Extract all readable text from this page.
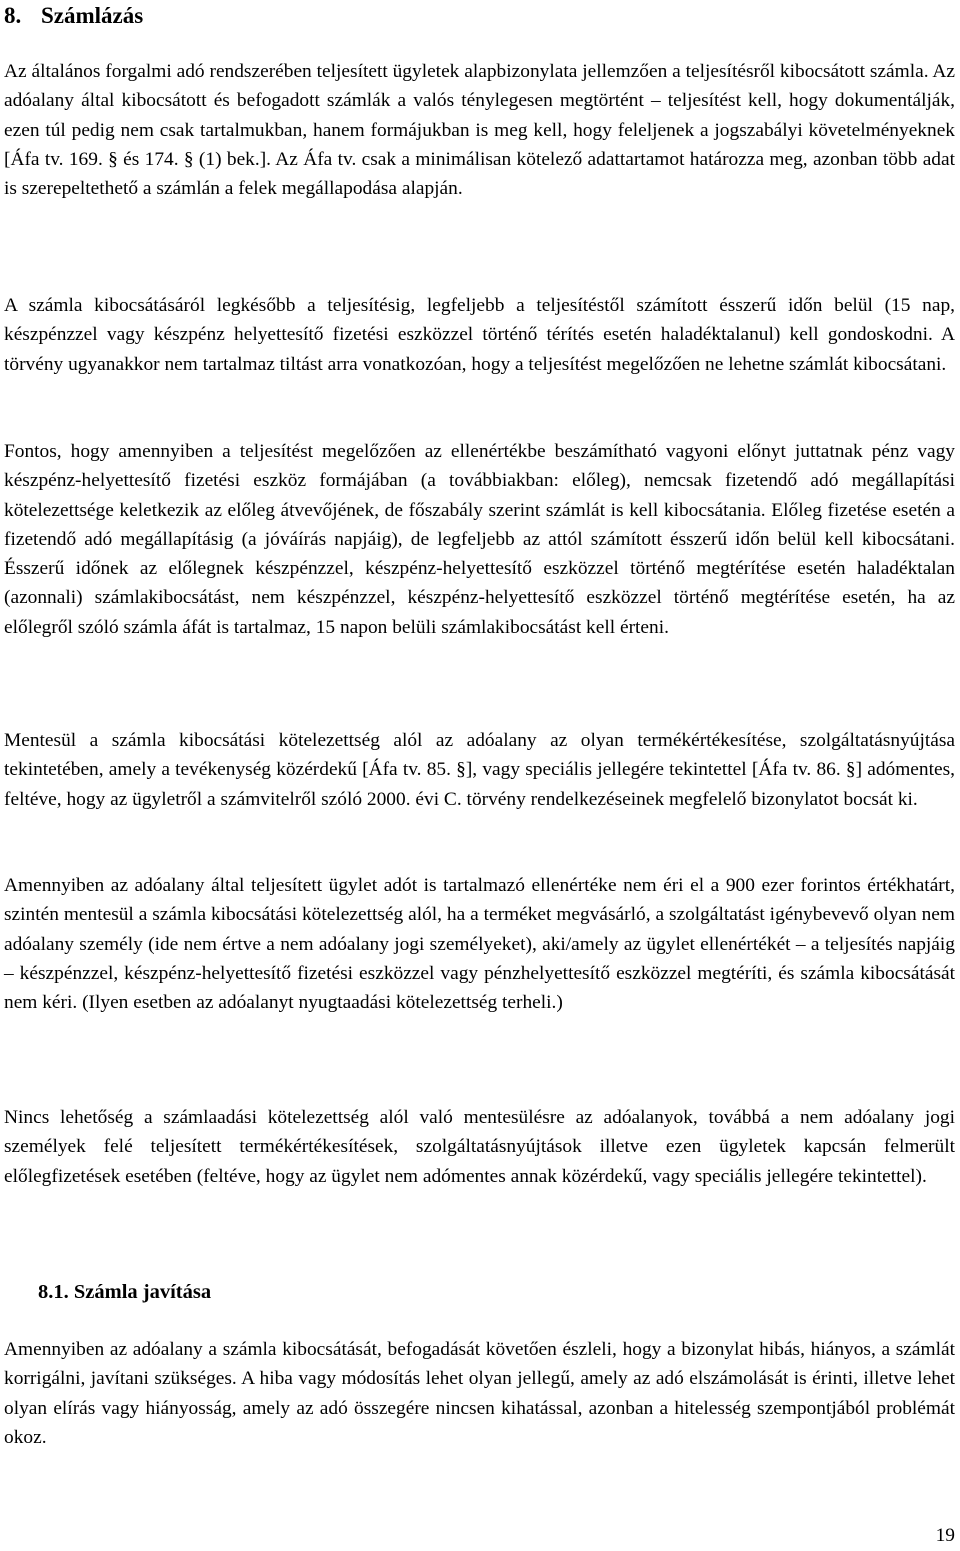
8. Számlázás

Az általános forgalmi adó rendszerében teljesített ügyletek alapbizonylata jellemzően a teljesítésről kibocsátott számla. Az adóalany által kibocsátott és befogadott számlák a valós ténylegesen megtörtént – teljesítést kell, hogy dokumentálják, ezen túl pedig nem csak tartalmukban, hanem formájukban is meg kell, hogy feleljenek a jogszabályi követelményeknek [Áfa tv. 169. § és 174. § (1) bek.]. Az Áfa tv. csak a minimálisan kötelező adattartamot határozza meg, azonban több adat is szerepeltethető a számlán a felek megállapodása alapján.

A számla kibocsátásáról legkésőbb a teljesítésig, legfeljebb a teljesítéstől számított ésszerű időn belül (15 nap, készpénzzel vagy készpénz helyettesítő fizetési eszközzel történő térítés esetén haladéktalanul) kell gondoskodni. A törvény ugyanakkor nem tartalmaz tiltást arra vonatkozóan, hogy a teljesítést megelőzően ne lehetne számlát kibocsátani.

Fontos, hogy amennyiben a teljesítést megelőzően az ellenértékbe beszámítható vagyoni előnyt juttatnak pénz vagy készpénz-helyettesítő fizetési eszköz formájában (a továbbiakban: előleg), nemcsak fizetendő adó megállapítási kötelezettsége keletkezik az előleg átvevőjének, de főszabály szerint számlát is kell kibocsátania. Előleg fizetése esetén a fizetendő adó megállapításig (a jóváírás napjáig), de legfeljebb az attól számított ésszerű időn belül kell kibocsátani. Ésszerű időnek az előlegnek készpénzzel, készpénz-helyettesítő eszközzel történő megtérítése esetén haladéktalan (azonnali) számlakibocsátást, nem készpénzzel, készpénz-helyettesítő eszközzel történő megtérítése esetén, ha az előlegről szóló számla áfát is tartalmaz, 15 napon belüli számlakibocsátást kell érteni.

Mentesül a számla kibocsátási kötelezettség alól az adóalany az olyan termékértékesítése, szolgáltatásnyújtása tekintetében, amely a tevékenység közérdekű [Áfa tv. 85. §], vagy speciális jellegére tekintettel [Áfa tv. 86. §] adómentes, feltéve, hogy az ügyletről a számvitelről szóló 2000. évi C. törvény rendelkezéseinek megfelelő bizonylatot bocsát ki.

Amennyiben az adóalany által teljesített ügylet adót is tartalmazó ellenértéke nem éri el a 900 ezer forintos értékhatárt, szintén mentesül a számla kibocsátási kötelezettség alól, ha a terméket megvásárló, a szolgáltatást igénybevevő olyan nem adóalany személy (ide nem értve a nem adóalany jogi személyeket), aki/amely az ügylet ellenértékét – a teljesítés napjáig – készpénzzel, készpénz-helyettesítő fizetési eszközzel vagy pénzhelyettesítő eszközzel megtéríti, és számla kibocsátását nem kéri. (Ilyen esetben az adóalanyt nyugtaadási kötelezettség terheli.)

Nincs lehetőség a számlaadási kötelezettség alól való mentesülésre az adóalanyok, továbbá a nem adóalany jogi személyek felé teljesített termékértékesítések, szolgáltatásnyújtások illetve ezen ügyletek kapcsán felmerült előlegfizetések esetében (feltéve, hogy az ügylet nem adómentes annak közérdekű, vagy speciális jellegére tekintettel).

8.1. Számla javítása

Amennyiben az adóalany a számla kibocsátását, befogadását követően észleli, hogy a bizonylat hibás, hiányos, a számlát korrigálni, javítani szükséges. A hiba vagy módosítás lehet olyan jellegű, amely az adó elszámolását is érinti, illetve lehet olyan elírás vagy hiányosság, amely az adó összegére nincsen kihatással, azonban a hitelesség szempontjából problémát okoz.

19
